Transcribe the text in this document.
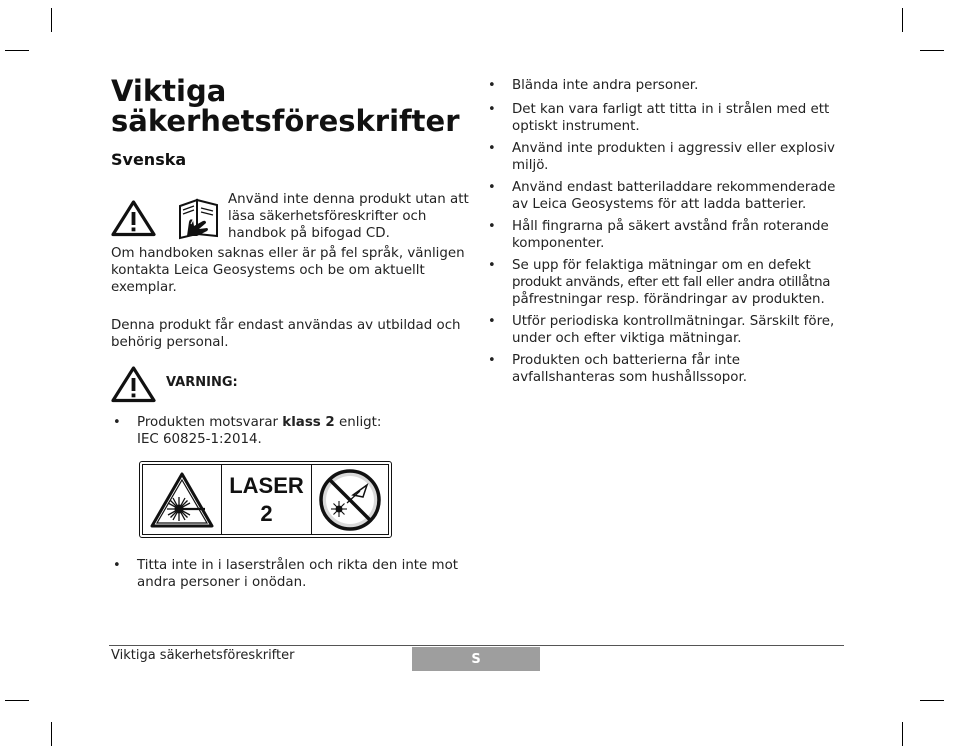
Viktiga
säkerhetsföreskrifter
Svenska
Använd inte denna produkt utan att
läsa säkerhetsföreskrifter och
handbok på bifogad CD.
Om handboken saknas eller är på fel språk, vänligen
kontakta Leica Geosystems och be om aktuellt
exemplar.
Denna produkt får endast användas av utbildad och
behörig personal.
VARNING:
• Produkten motsvarar klass 2 enligt:
IEC 60825-1:2014.
LASER
2
• Titta inte in i laserstrålen och rikta den inte mot
andra personer i onödan.
• Blända inte andra personer.
• Det kan vara farligt att titta in i strålen med ett
optiskt instrument.
• Använd inte produkten i aggressiv eller explosiv
miljö.
• Använd endast batteriladdare rekommenderade
av Leica Geosystems för att ladda batterier.
• Håll fingrarna på säkert avstånd från roterande
komponenter.
• Se upp för felaktiga mätningar om en defekt
produkt används, efter ett fall eller andra otillåtna
påfrestningar resp. förändringar av produkten.
• Utför periodiska kontrollmätningar. Särskilt före,
under och efter viktiga mätningar.
• Produkten och batterierna får inte
avfallshanteras som hushållssopor.
Viktiga säkerhetsföreskrifter	S
